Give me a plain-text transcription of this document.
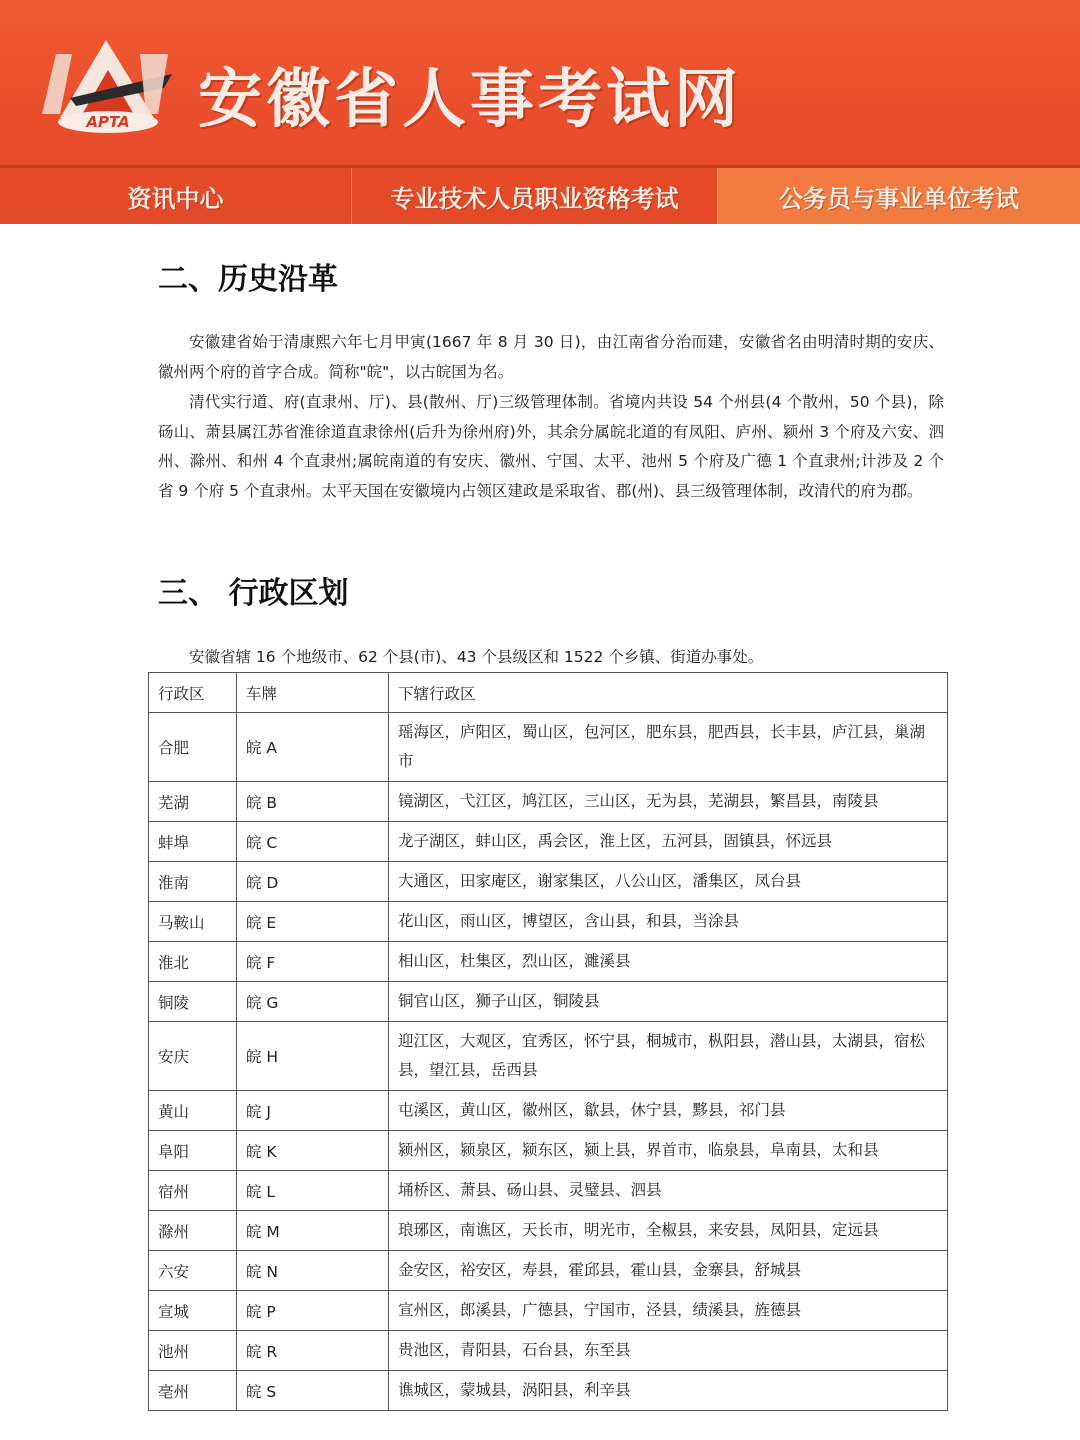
APTA 安徽省人事考试网
资讯中心	专业技术人员职业资格考试	公务员与事业单位考试
二、历史沿革

安徽建省始于清康熙六年七月甲寅(1667 年 8 月 30 日)，由江南省分治而建，安徽省名由明清时期的安庆、徽州两个府的首字合成。简称"皖"，以古皖国为名。

清代实行道、府(直隶州、厅)、县(散州、厅)三级管理体制。省境内共设 54 个州县(4 个散州，50 个县)，除砀山、萧县属江苏省淮徐道直隶徐州(后升为徐州府)外，其余分属皖北道的有凤阳、庐州、颍州 3 个府及六安、泗州、滁州、和州 4 个直隶州;属皖南道的有安庆、徽州、宁国、太平、池州 5 个府及广德 1 个直隶州;计涉及 2 个省 9 个府 5 个直隶州。太平天国在安徽境内占领区建政是采取省、郡(州)、县三级管理体制，改清代的府为郡。

三、 行政区划

安徽省辖 16 个地级市、62 个县(市)、43 个县级区和 1522 个乡镇、街道办事处。

行政区	车牌	下辖行政区
合肥	皖 A	瑶海区，庐阳区，蜀山区，包河区，肥东县，肥西县，长丰县，庐江县，巢湖市
芜湖	皖 B	镜湖区，弋江区，鸠江区，三山区，无为县，芜湖县，繁昌县，南陵县
蚌埠	皖 C	龙子湖区，蚌山区，禹会区，淮上区，五河县，固镇县，怀远县
淮南	皖 D	大通区，田家庵区，谢家集区，八公山区，潘集区，凤台县
马鞍山	皖 E	花山区，雨山区，博望区，含山县，和县，当涂县
淮北	皖 F	相山区，杜集区，烈山区，濉溪县
铜陵	皖 G	铜官山区，狮子山区，铜陵县
安庆	皖 H	迎江区，大观区，宜秀区，怀宁县，桐城市，枞阳县，潜山县，太湖县，宿松县，望江县，岳西县
黄山	皖 J	屯溪区，黄山区，徽州区，歙县，休宁县，黟县，祁门县
阜阳	皖 K	颍州区，颍泉区，颍东区，颍上县，界首市，临泉县，阜南县，太和县
宿州	皖 L	埇桥区、萧县、砀山县、灵璧县、泗县
滁州	皖 M	琅琊区，南谯区，天长市，明光市，全椒县，来安县，凤阳县，定远县
六安	皖 N	金安区，裕安区，寿县，霍邱县，霍山县，金寨县，舒城县
宣城	皖 P	宣州区，郎溪县，广德县，宁国市，泾县，绩溪县，旌德县
池州	皖 R	贵池区，青阳县，石台县，东至县
亳州	皖 S	谯城区，蒙城县，涡阳县，利辛县
